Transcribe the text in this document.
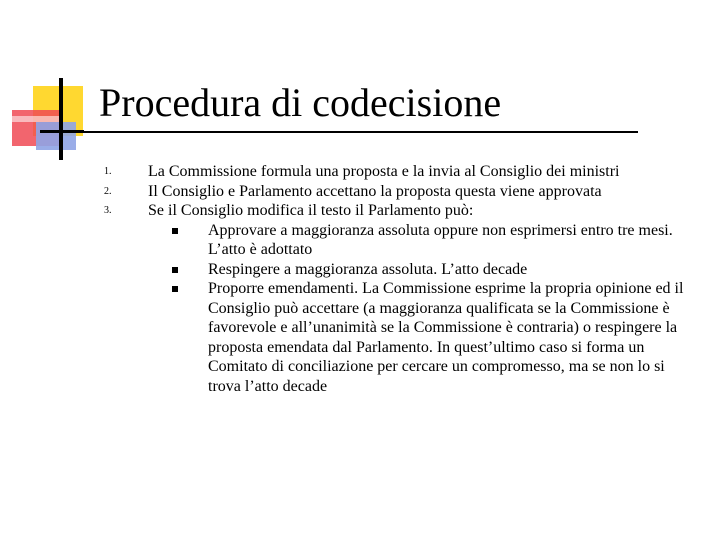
Procedura di codecisione
1. La Commissione formula una proposta e la invia al Consiglio dei ministri
2. Il Consiglio e Parlamento accettano la proposta questa viene approvata
3. Se il Consiglio modifica il testo il Parlamento può:
Approvare a maggioranza assoluta oppure non esprimersi entro tre mesi. L’atto è adottato
Respingere a maggioranza assoluta. L’atto decade
Proporre emendamenti. La Commissione esprime la propria opinione ed il Consiglio può accettare (a maggioranza qualificata se la Commissione è favorevole e all’unanimità se la Commissione è contraria) o respingere la proposta emendata dal Parlamento. In quest’ultimo caso si forma un Comitato di conciliazione per cercare un compromesso, ma se non lo si trova l’atto decade
